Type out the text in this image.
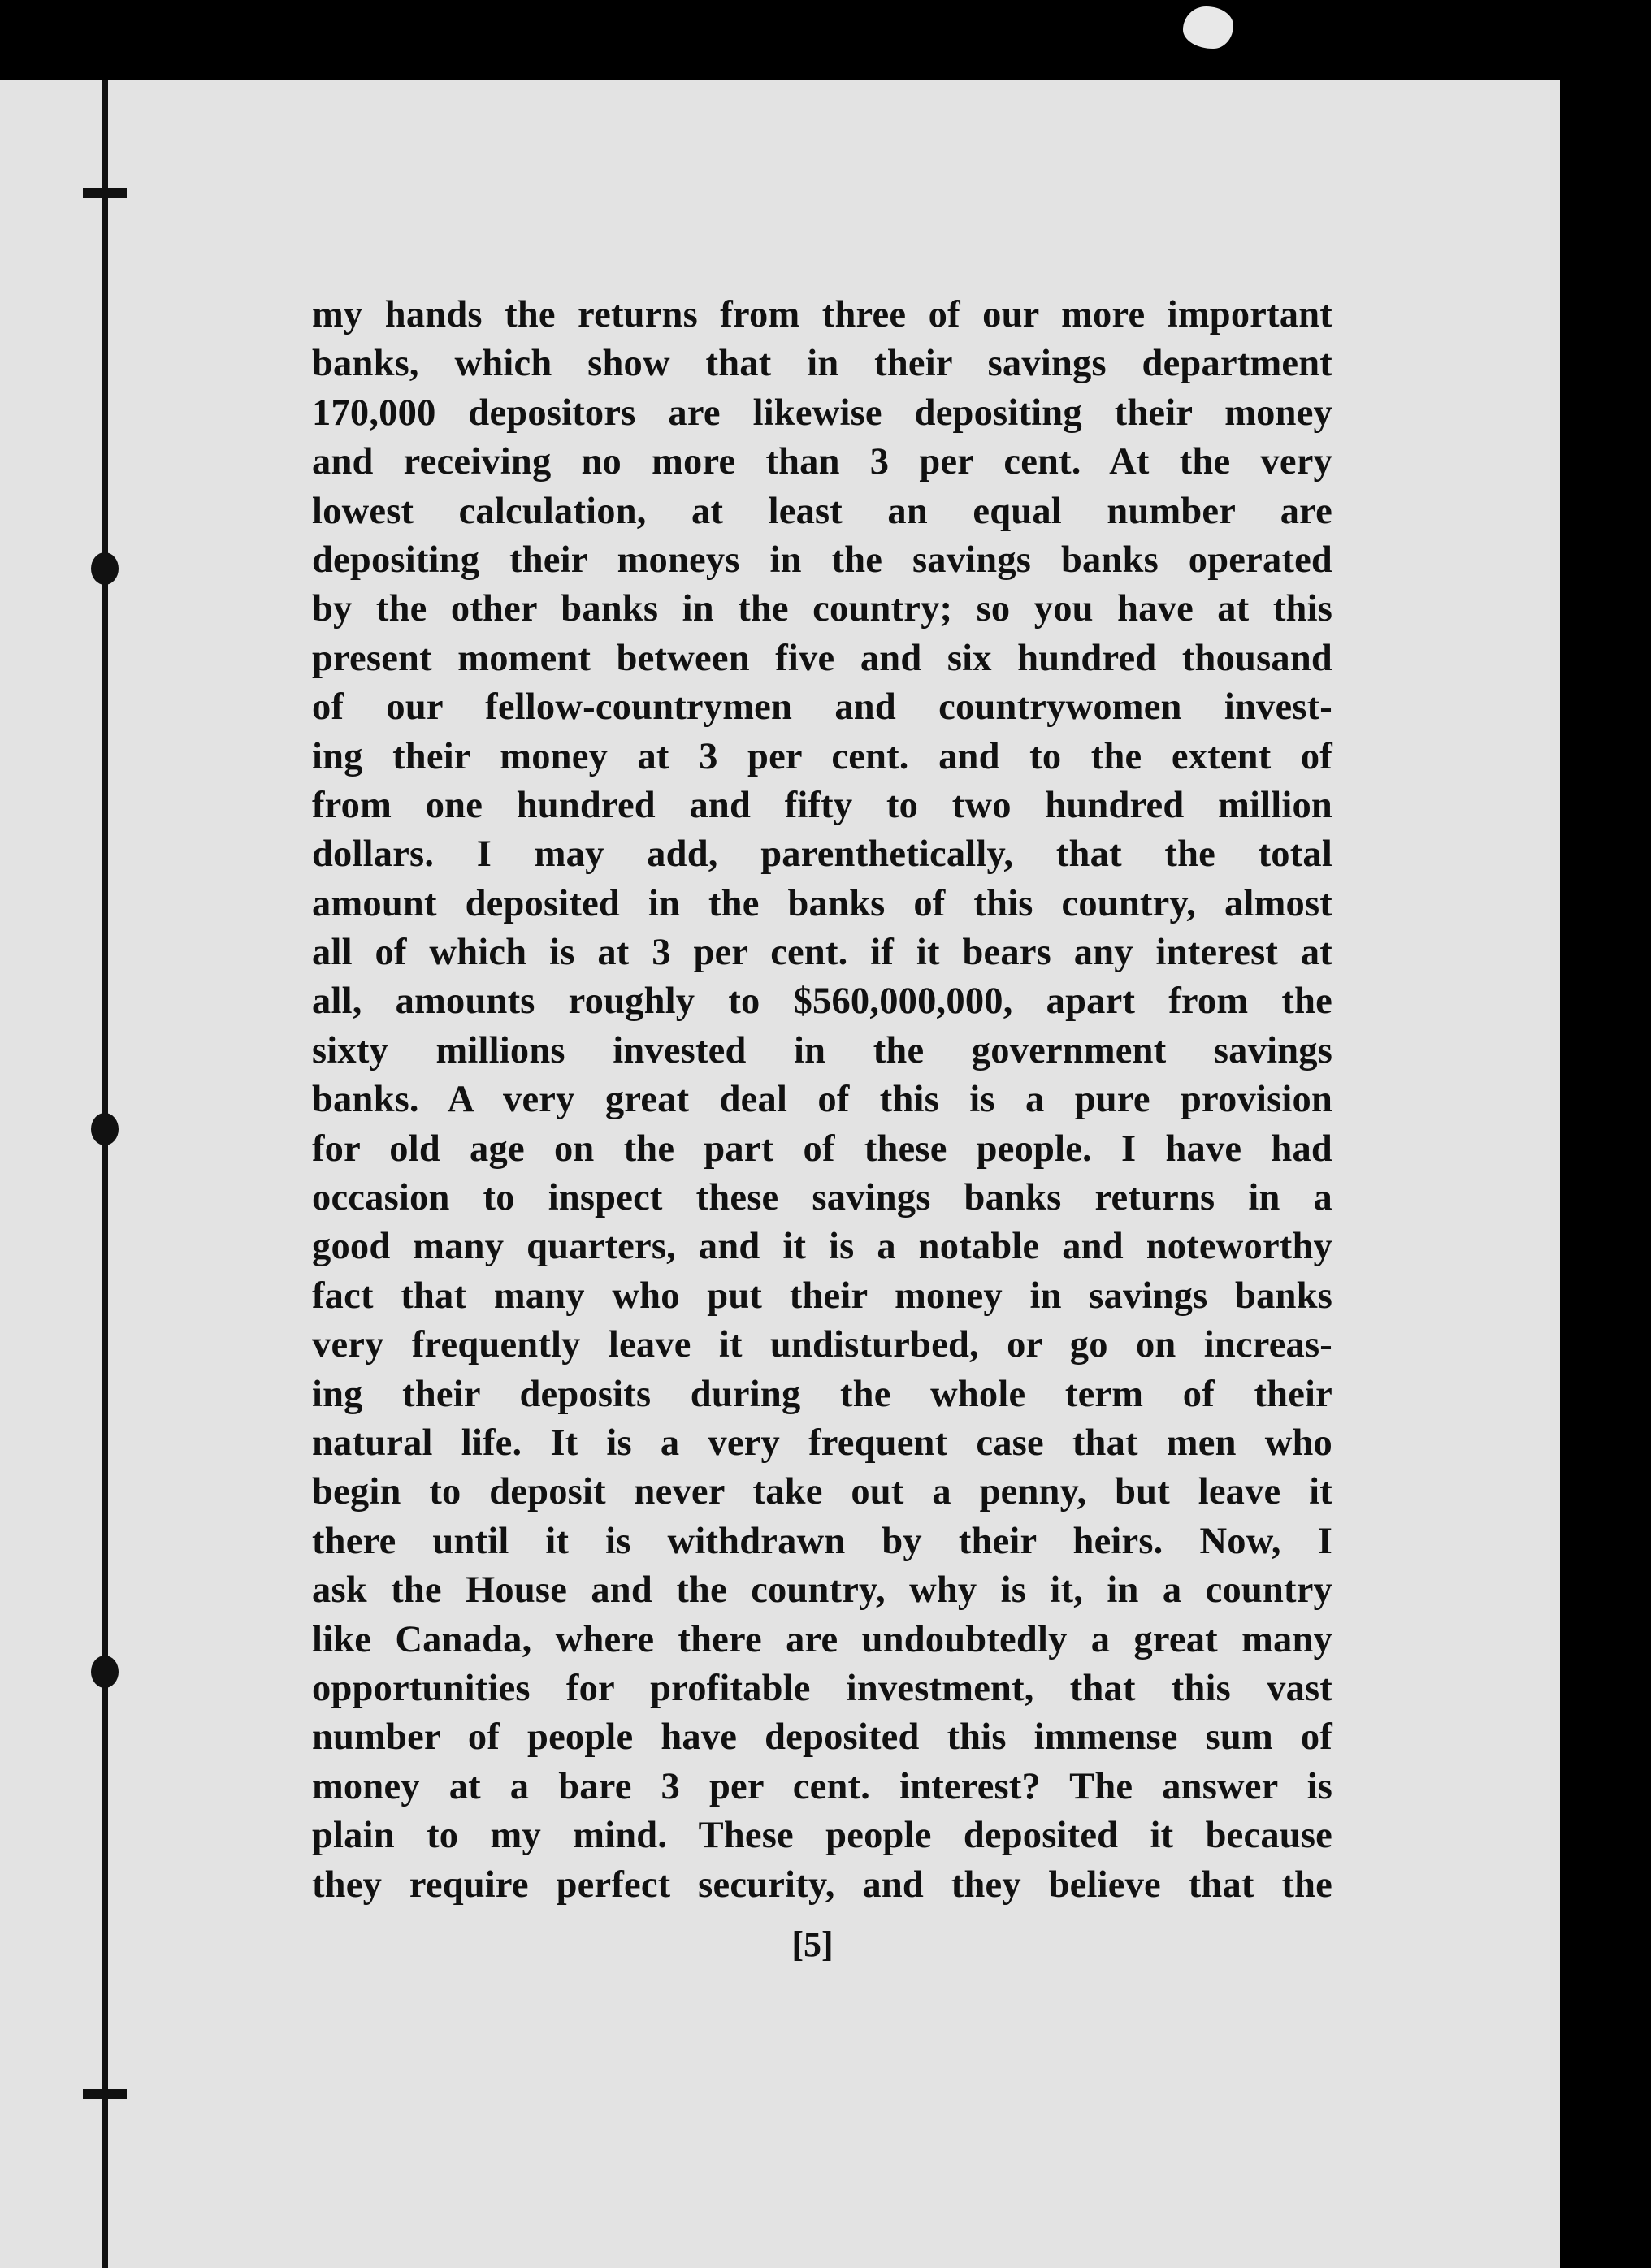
my hands the returns from three of our more important
banks, which show that in their savings department
170,000 depositors are likewise depositing their money
and receiving no more than 3 per cent. At the very
lowest calculation, at least an equal number are
depositing their moneys in the savings banks operated
by the other banks in the country; so you have at this
present moment between five and six hundred thousand
of our fellow-countrymen and countrywomen invest-
ing their money at 3 per cent. and to the extent of
from one hundred and fifty to two hundred million
dollars. I may add, parenthetically, that the total
amount deposited in the banks of this country, almost
all of which is at 3 per cent. if it bears any interest at
all, amounts roughly to $560,000,000, apart from the
sixty millions invested in the government savings
banks. A very great deal of this is a pure provision
for old age on the part of these people. I have had
occasion to inspect these savings banks returns in a
good many quarters, and it is a notable and noteworthy
fact that many who put their money in savings banks
very frequently leave it undisturbed, or go on increas-
ing their deposits during the whole term of their
natural life. It is a very frequent case that men who
begin to deposit never take out a penny, but leave it
there until it is withdrawn by their heirs. Now, I
ask the House and the country, why is it, in a country
like Canada, where there are undoubtedly a great many
opportunities for profitable investment, that this vast
number of people have deposited this immense sum of
money at a bare 3 per cent. interest? The answer is
plain to my mind. These people deposited it because
they require perfect security, and they believe that the
[5]
